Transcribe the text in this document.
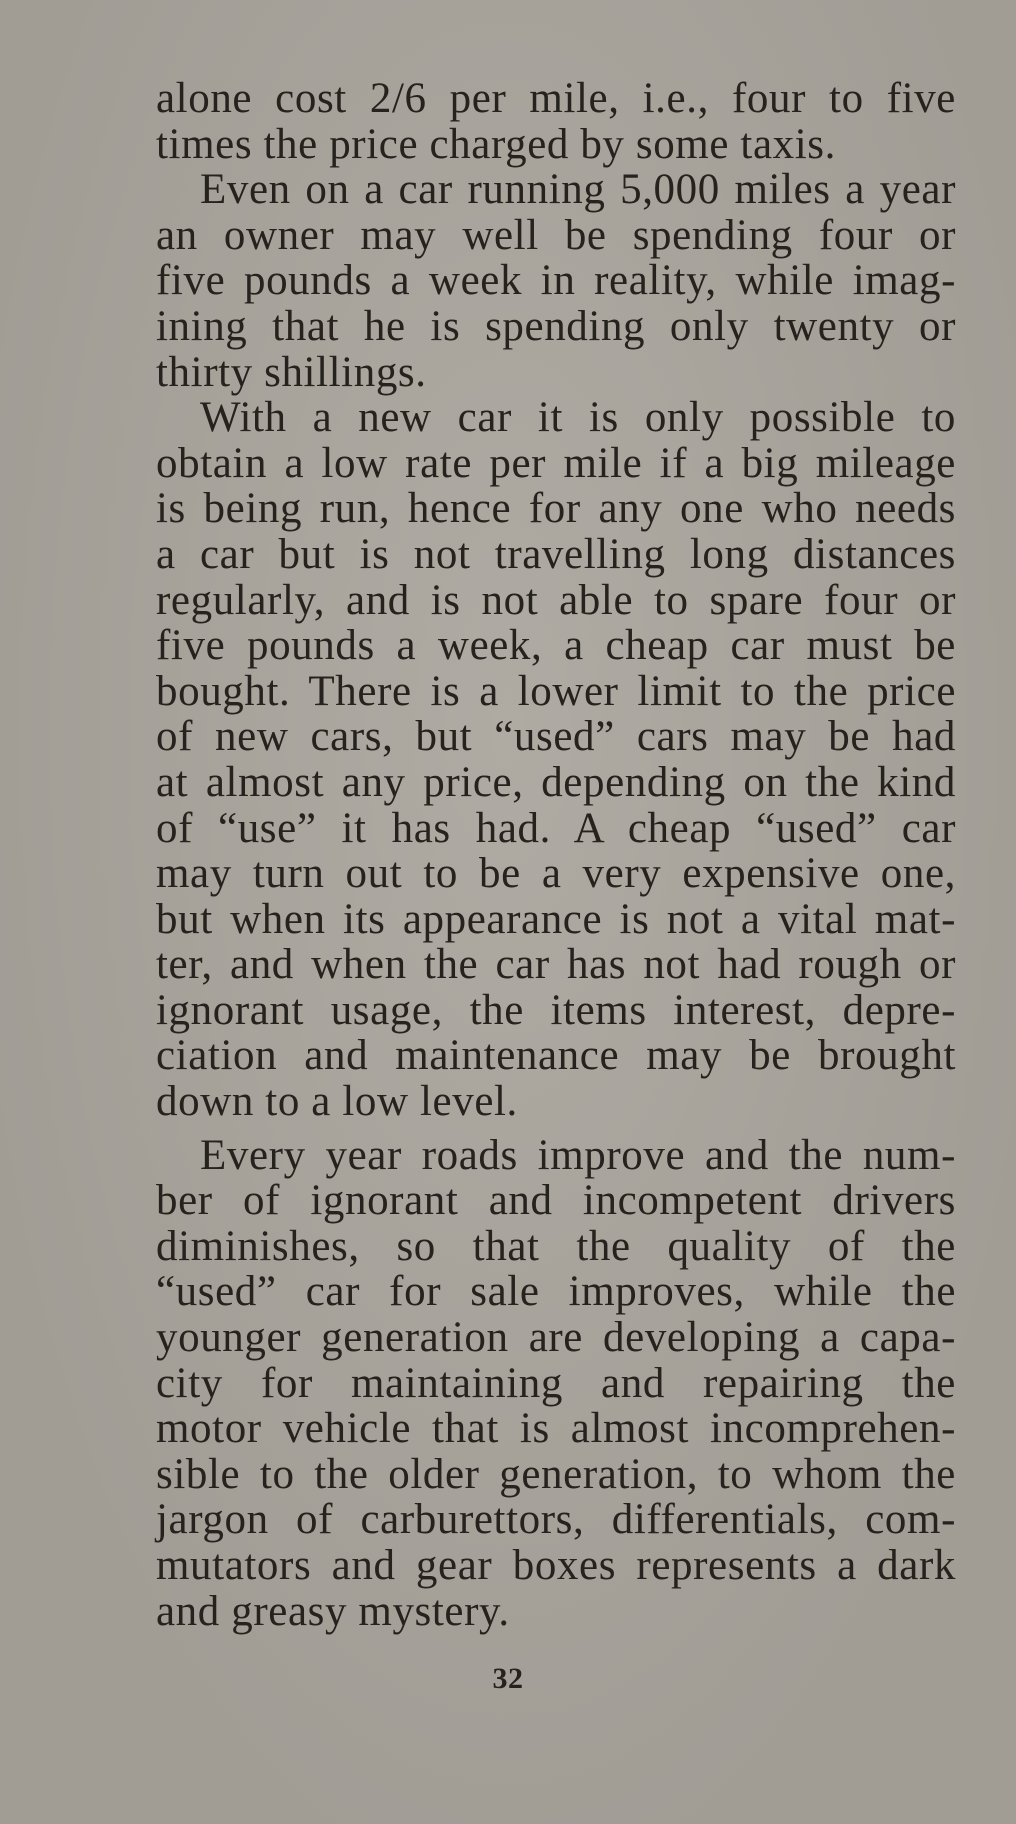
alone cost 2/6 per mile, i.e., four to five
times the price charged by some taxis.
Even on a car running 5,000 miles a year
an owner may well be spending four or
five pounds a week in reality, while imag-
ining that he is spending only twenty or
thirty shillings.
With a new car it is only possible to
obtain a low rate per mile if a big mileage
is being run, hence for any one who needs
a car but is not travelling long distances
regularly, and is not able to spare four or
five pounds a week, a cheap car must be
bought. There is a lower limit to the price
of new cars, but “used” cars may be had
at almost any price, depending on the kind
of “use” it has had. A cheap “used” car
may turn out to be a very expensive one,
but when its appearance is not a vital mat-
ter, and when the car has not had rough or
ignorant usage, the items interest, depre-
ciation and maintenance may be brought
down to a low level.
Every year roads improve and the num-
ber of ignorant and incompetent drivers
diminishes, so that the quality of the
“used” car for sale improves, while the
younger generation are developing a capa-
city for maintaining and repairing the
motor vehicle that is almost incomprehen-
sible to the older generation, to whom the
jargon of carburettors, differentials, com-
mutators and gear boxes represents a dark
and greasy mystery.
32
